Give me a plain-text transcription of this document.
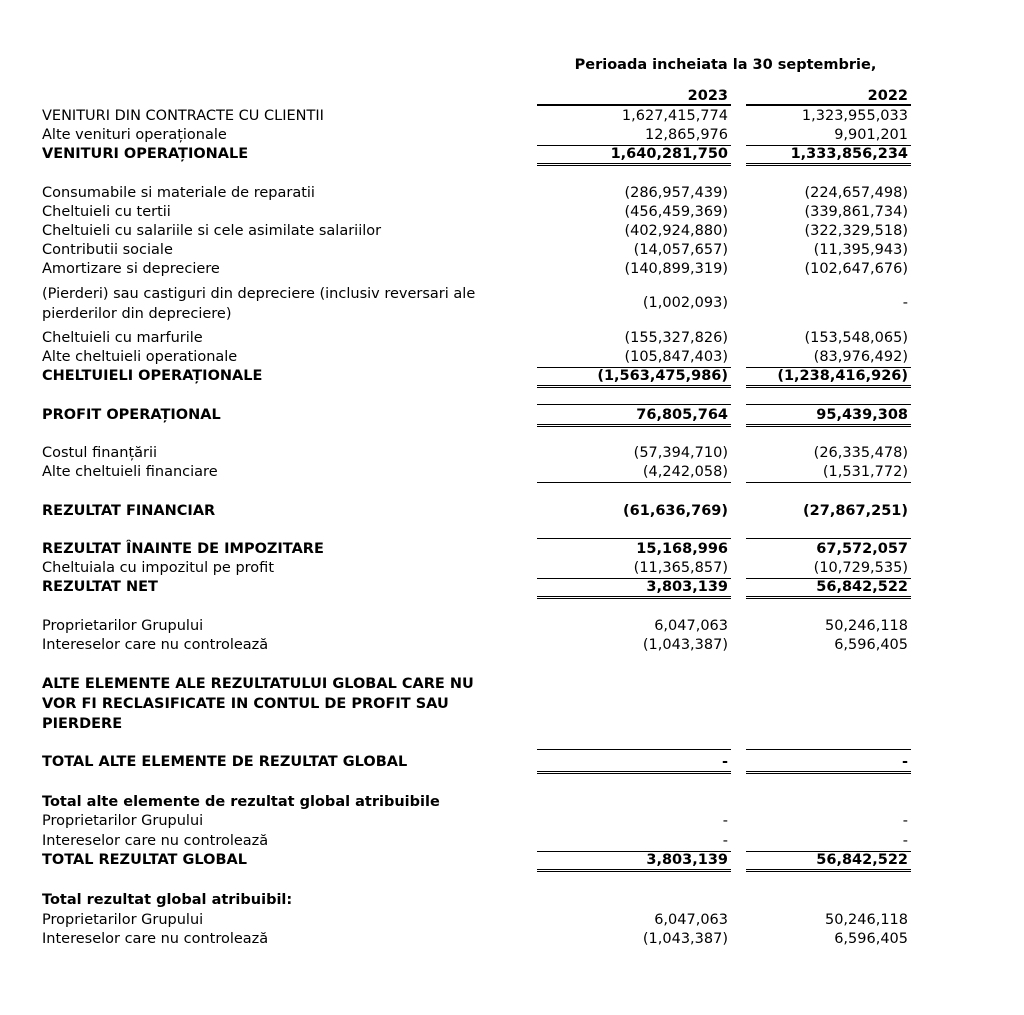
Perioada incheiata la 30 septembrie,
2023	2022
VENITURI DIN CONTRACTE CU CLIENTII	1,627,415,774	1,323,955,033
Alte venituri operaționale	12,865,976	9,901,201
VENITURI OPERAȚIONALE	1,640,281,750	1,333,856,234
Consumabile si materiale de reparatii	(286,957,439)	(224,657,498)
Cheltuieli cu tertii	(456,459,369)	(339,861,734)
Cheltuieli cu salariile si cele asimilate salariilor	(402,924,880)	(322,329,518)
Contributii sociale	(14,057,657)	(11,395,943)
Amortizare si depreciere	(140,899,319)	(102,647,676)
(Pierderi) sau castiguri din depreciere (inclusiv reversari ale pierderilor din depreciere)
(1,002,093)	-
Cheltuieli cu marfurile	(155,327,826)	(153,548,065)
Alte cheltuieli operationale	(105,847,403)	(83,976,492)
CHELTUIELI OPERAȚIONALE	(1,563,475,986)	(1,238,416,926)
PROFIT OPERAȚIONAL	76,805,764	95,439,308
Costul finanțării	(57,394,710)	(26,335,478)
Alte cheltuieli financiare	(4,242,058)	(1,531,772)
REZULTAT FINANCIAR	(61,636,769)	(27,867,251)
REZULTAT ÎNAINTE DE IMPOZITARE	15,168,996	67,572,057
Cheltuiala cu impozitul pe profit	(11,365,857)	(10,729,535)
REZULTAT NET	3,803,139	56,842,522
Proprietarilor Grupului	6,047,063	50,246,118
Intereselor care nu controlează	(1,043,387)	6,596,405
ALTE ELEMENTE ALE REZULTATULUI GLOBAL CARE NU VOR FI RECLASIFICATE IN CONTUL DE PROFIT SAU PIERDERE
TOTAL ALTE ELEMENTE DE REZULTAT GLOBAL	-	-
Total alte elemente de rezultat global atribuibile
Proprietarilor Grupului	-	-
Intereselor care nu controlează	-	-
TOTAL REZULTAT GLOBAL	3,803,139	56,842,522
Total rezultat global atribuibil:
Proprietarilor Grupului	6,047,063	50,246,118
Intereselor care nu controlează	(1,043,387)	6,596,405
